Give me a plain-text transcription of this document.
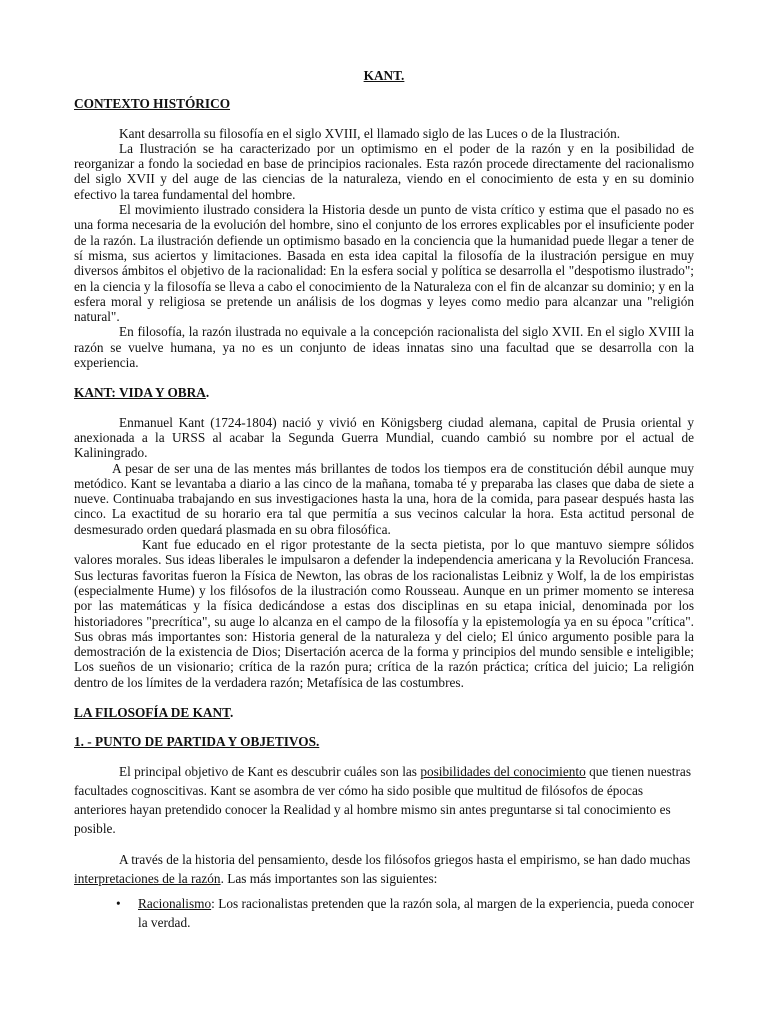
KANT.
CONTEXTO HISTÓRICO

Kant desarrolla su filosofía en el siglo XVIII, el llamado siglo de las Luces o de la Ilustración.

La Ilustración se ha caracterizado por un optimismo en el poder de la razón y en la posibilidad de reorganizar a fondo la sociedad en base de principios racionales. Esta razón procede directamente del racionalismo del siglo XVII y del auge de las ciencias de la naturaleza, viendo en el conocimiento de esta y en su dominio efectivo la tarea fundamental del hombre.

El movimiento ilustrado considera la Historia desde un punto de vista crítico y estima que el pasado no es una forma necesaria de la evolución del hombre, sino el conjunto de los errores explicables por el insuficiente poder de la razón. La ilustración defiende un optimismo basado en la conciencia que la humanidad puede llegar a tener de sí misma, sus aciertos y limitaciones. Basada en esta idea capital la filosofía de la ilustración persigue en muy diversos ámbitos el objetivo de la racionalidad: En la esfera social y política se desarrolla el "despotismo ilustrado"; en la ciencia y la filosofía se lleva a cabo el conocimiento de la Naturaleza con el fin de alcanzar su dominio; y en la esfera moral y religiosa se pretende un análisis de los dogmas y leyes como medio para alcanzar una "religión natural".

En filosofía, la razón ilustrada no equivale a la concepción racionalista del siglo XVII. En el siglo XVIII la razón se vuelve humana, ya no es un conjunto de ideas innatas sino una facultad que se desarrolla con la experiencia.

KANT: VIDA Y OBRA.

Enmanuel Kant (1724-1804) nació y vivió en Königsberg ciudad alemana, capital de Prusia oriental y anexionada a la URSS al acabar la Segunda Guerra Mundial, cuando cambió su nombre por el actual de Kaliningrado.

A pesar de ser una de las mentes más brillantes de todos los tiempos era de constitución débil aunque muy metódico. Kant se levantaba a diario a las cinco de la mañana, tomaba té y preparaba las clases que daba de siete a nueve. Continuaba trabajando en sus investigaciones hasta la una, hora de la comida, para pasear después hasta las cinco. La exactitud de su horario era tal que permitía a sus vecinos calcular la hora. Esta actitud personal de desmesurado orden quedará plasmada en su obra filosófica.

Kant fue educado en el rigor protestante de la secta pietista, por lo que mantuvo siempre sólidos valores morales. Sus ideas liberales le impulsaron a defender la independencia americana y la Revolución Francesa. Sus lecturas favoritas fueron la Física de Newton, las obras de los racionalistas Leibniz y Wolf, la de los empiristas (especialmente Hume) y los filósofos de la ilustración como Rousseau. Aunque en un primer momento se interesa por las matemáticas y la física dedicándose a estas dos disciplinas en su etapa inicial, denominada por los historiadores "precrítica", su auge lo alcanza en el campo de la filosofía y la epistemología ya en su época "crítica". Sus obras más importantes son: Historia general de la naturaleza y del cielo; El único argumento posible para la demostración de la existencia de Dios; Disertación acerca de la forma y principios del mundo sensible e inteligible; Los sueños de un visionario; crítica de la razón pura; crítica de la razón práctica; crítica del juicio; La religión dentro de los límites de la verdadera razón; Metafísica de las costumbres.

LA FILOSOFÍA DE KANT.
1. - PUNTO DE PARTIDA Y OBJETIVOS.

El principal objetivo de Kant es descubrir cuáles son las posibilidades del conocimiento que tienen nuestras facultades cognoscitivas. Kant se asombra de ver cómo ha sido posible que multitud de filósofos de épocas anteriores hayan pretendido conocer la Realidad y al hombre mismo sin antes preguntarse si tal conocimiento es posible.

A través de la historia del pensamiento, desde los filósofos griegos hasta el empirismo, se han dado muchas interpretaciones de la razón. Las más importantes son las siguientes:

• Racionalismo: Los racionalistas pretenden que la razón sola, al margen de la experiencia, pueda conocer la verdad.
